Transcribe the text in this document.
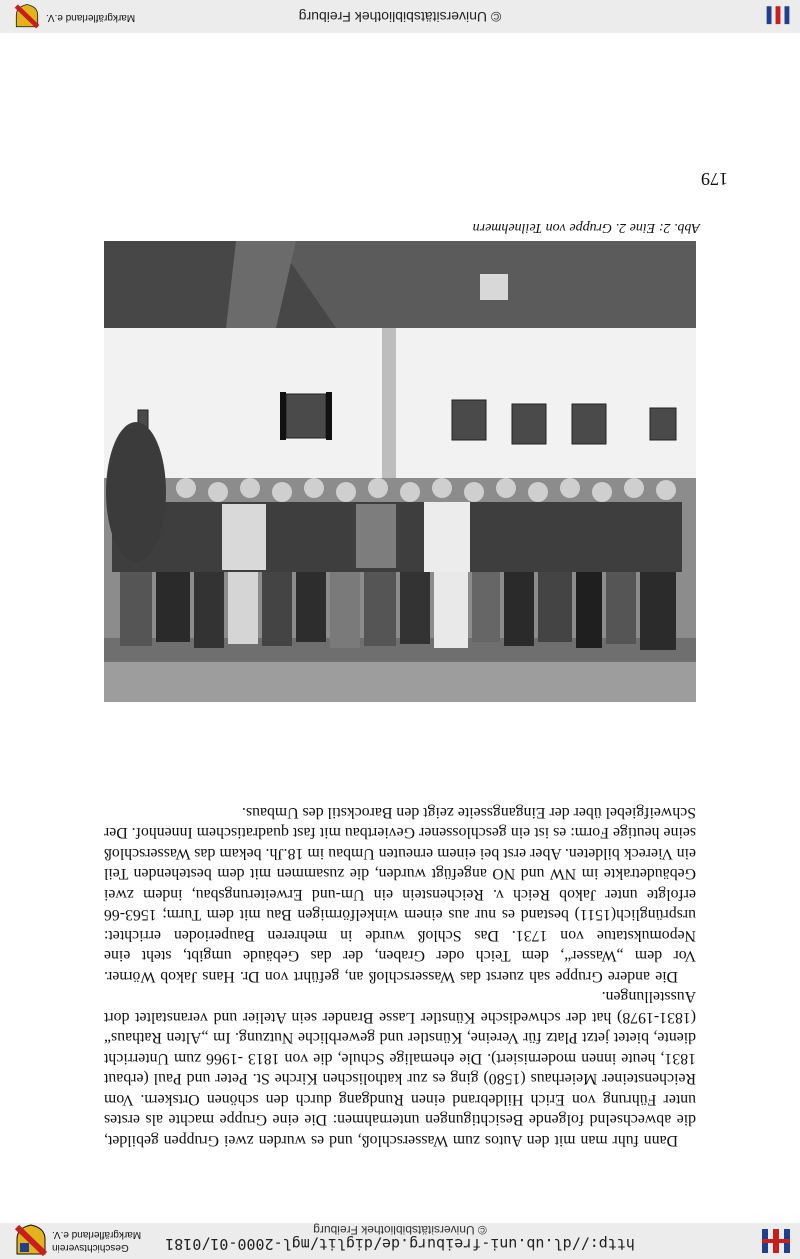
http://dl.ub.uni-freiburg.de/diglit/mgl-2000-01/0181
© Universitätsbibliothek Freiburg
Geschichtsverein
Markgräflerland e.V.
179
Abb. 2: Eine 2. Gruppe von Teilnehmern

Dann fuhr man mit den Autos zum Wasserschloß, und es wurden zwei Gruppen gebildet, die abwechselnd folgende Besichtigungen unternahmen: Die eine Gruppe machte als erstes unter Führung von Erich Hildebrand einen Rundgang durch den schönen Ortskern. Vom Reichensteiner Meierhaus (1580) ging es zur katholischen Kirche St. Peter und Paul (erbaut 1831, heute innen modernisiert). Die ehemalige Schule, die von 1813 -1966 zum Unterricht diente, bietet jetzt Platz für Vereine, Künstler und gewerbliche Nutzung. Im „Alten Rathaus“ (1831-1978) hat der schwedische Künstler Lasse Brander sein Atelier und veranstaltet dort Ausstellungen.

Die andere Gruppe sah zuerst das Wasserschloß an, geführt von Dr. Hans Jakob Wörner. Vor dem „Wasser“, dem Teich oder Graben, der das Gebäude umgibt, steht eine Nepomukstatue von 1731. Das Schloß wurde in mehreren Bauperioden errichtet: ursprünglich(1511) bestand es nur aus einem winkelförmigen Bau mit dem Turm; 1563-66 erfolgte unter Jakob Reich v. Reichenstein ein Um-und Erweiterungsbau, indem zwei Gebäudetrakte im NW und NO angefügt wurden, die zusammen mit dem bestehenden Teil ein Viereck bildeten. Aber erst bei einem erneuten Umbau im 18.Jh. bekam das Wasserschloß seine heutige Form: es ist ein geschlossener Geviertbau mit fast quadratischem Innenhof. Der Schweifgiebel über der Eingangsseite zeigt den Barockstil des Umbaus.

© Universitätsbibliothek Freiburg
Markgräflerland e.V.
